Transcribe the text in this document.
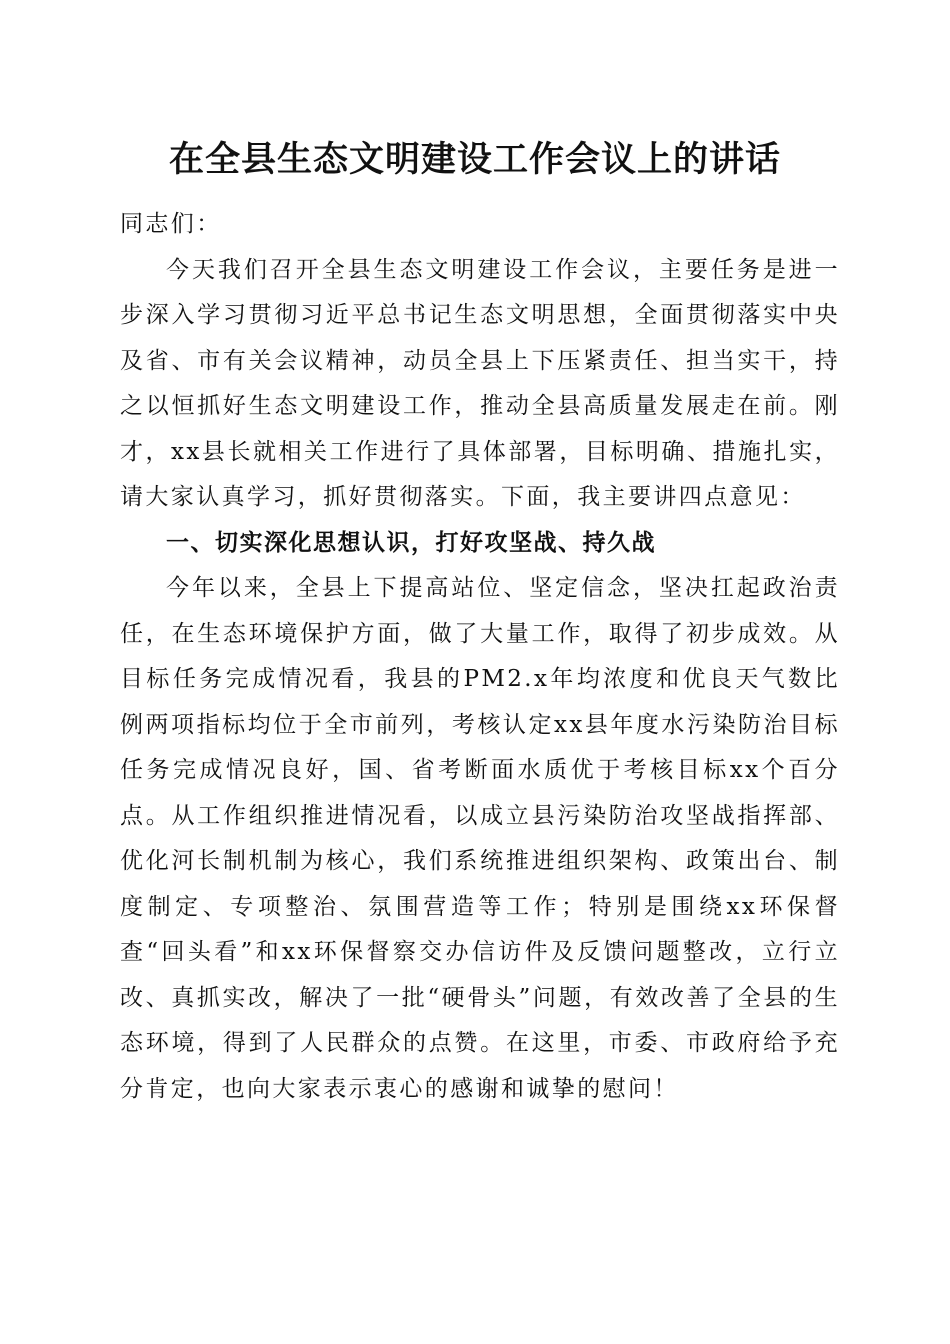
在全县生态文明建设工作会议上的讲话

同志们：

今天我们召开全县生态文明建设工作会议，主要任务是进一步深入学习贯彻习近平总书记生态文明思想，全面贯彻落实中央及省、市有关会议精神，动员全县上下压紧责任、担当实干，持之以恒抓好生态文明建设工作，推动全县高质量发展走在前。刚才，xx县长就相关工作进行了具体部署，目标明确、措施扎实，请大家认真学习，抓好贯彻落实。下面，我主要讲四点意见：

一、切实深化思想认识，打好攻坚战、持久战

今年以来，全县上下提高站位、坚定信念，坚决扛起政治责任，在生态环境保护方面，做了大量工作，取得了初步成效。从目标任务完成情况看，我县的PM2.x年均浓度和优良天气数比例两项指标均位于全市前列，考核认定xx县年度水污染防治目标任务完成情况良好，国、省考断面水质优于考核目标xx个百分点。从工作组织推进情况看，以成立县污染防治攻坚战指挥部、优化河长制机制为核心，我们系统推进组织架构、政策出台、制度制定、专项整治、氛围营造等工作；特别是围绕xx环保督查“回头看”和xx环保督察交办信访件及反馈问题整改，立行立改、真抓实改，解决了一批“硬骨头”问题，有效改善了全县的生态环境，得到了人民群众的点赞。在这里，市委、市政府给予充分肯定，也向大家表示衷心的感谢和诚挚的慰问！
